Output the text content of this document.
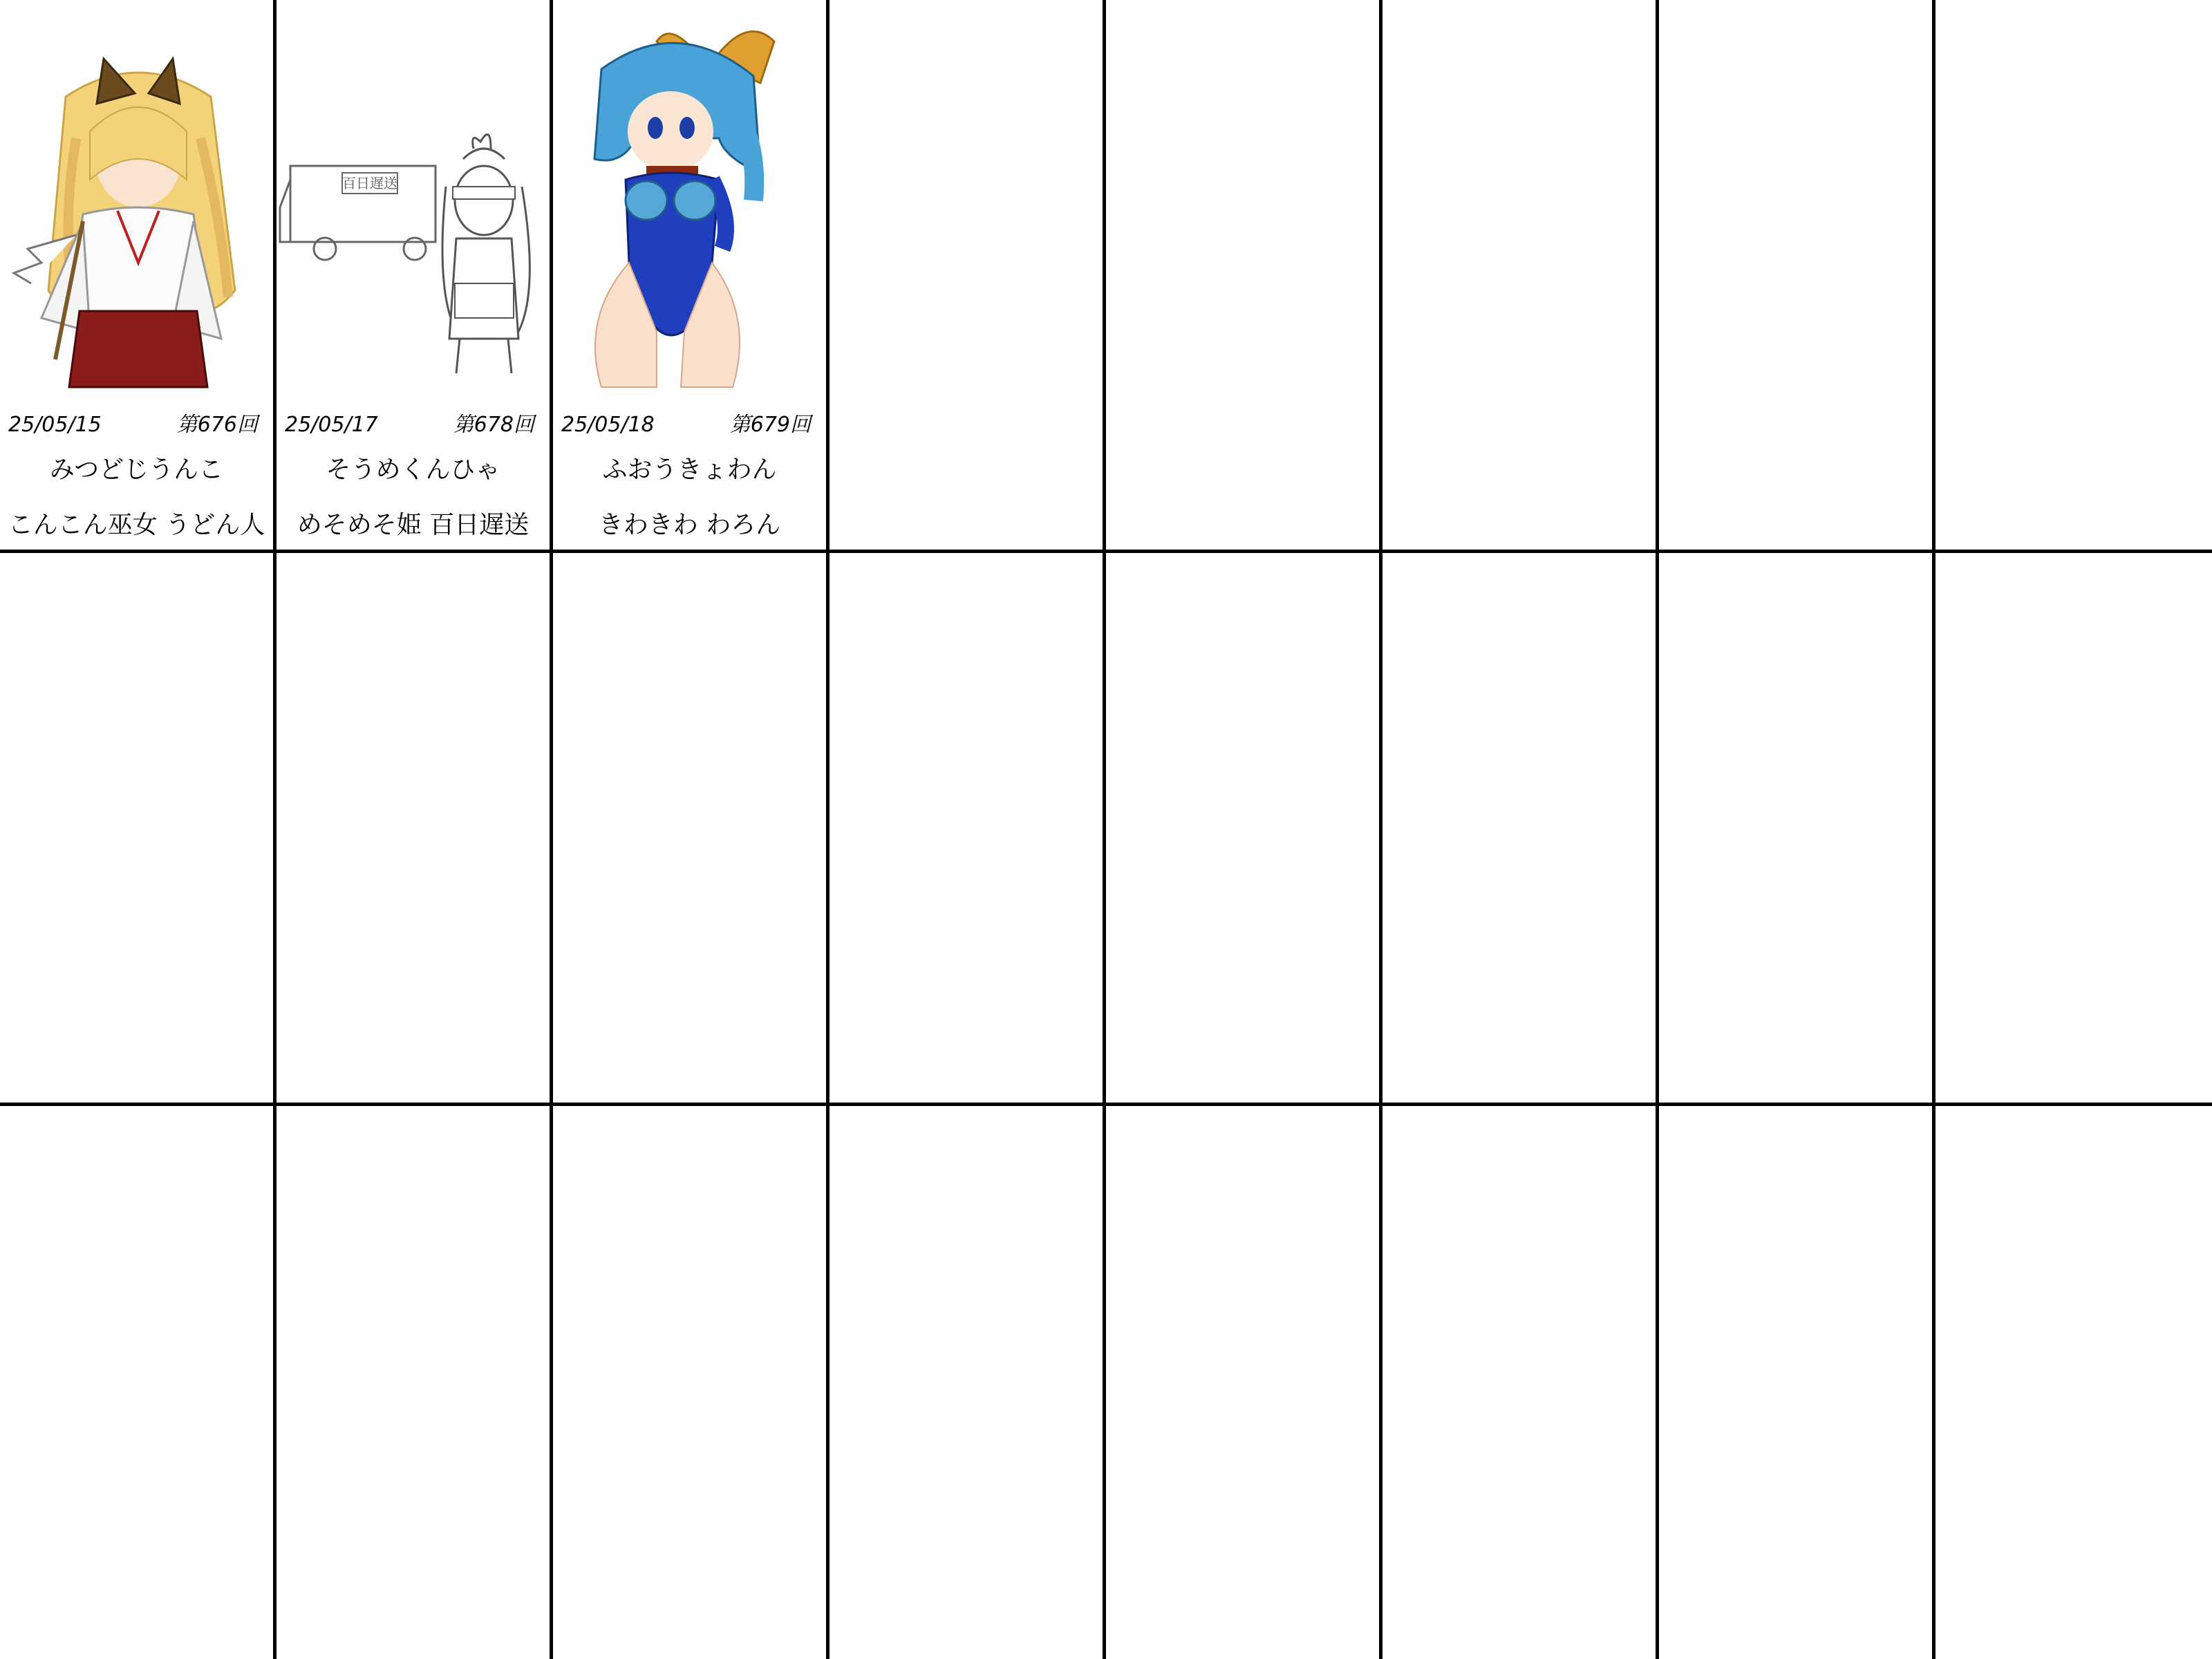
25/05/15	第676回
みつどじうんこ
こんこん巫女 うどん人
百日遅送
25/05/17	第678回
そうめくんひゃ
めそめそ姫 百日遅送
25/05/18	第679回
ふおうきょわん
きわきわ わろん
